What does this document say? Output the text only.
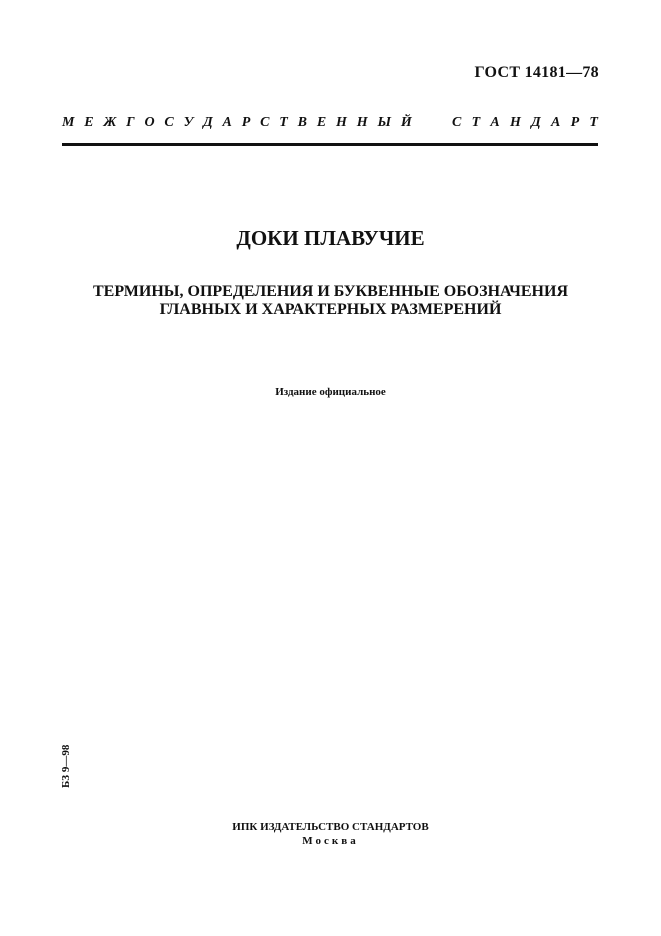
ГОСТ 14181—78
М Е Ж Г О С У Д А Р С Т В Е Н Н Ы Й	С Т А Н Д А Р Т
ДОКИ ПЛАВУЧИЕ
ТЕРМИНЫ, ОПРЕДЕЛЕНИЯ И БУКВЕННЫЕ ОБОЗНАЧЕНИЯ
ГЛАВНЫХ И ХАРАКТЕРНЫХ РАЗМЕРЕНИЙ
Издание официальное
БЗ 9—98
ИПК ИЗДАТЕЛЬСТВО СТАНДАРТОВ
Москва
